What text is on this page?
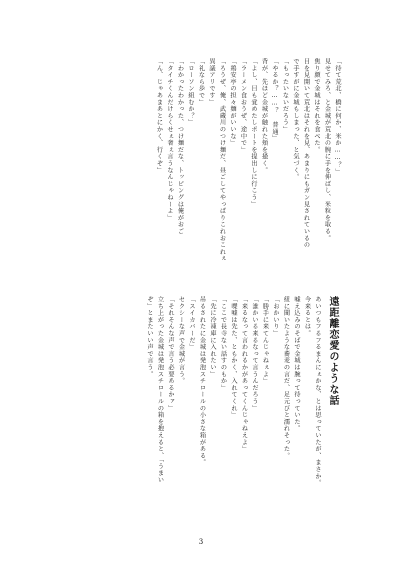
「待て荒北、橋に何か、米か……？」
見せてみろ、と金城が荒北の腕に手を伸ばし、米粒を取る。
焦り顔で金城はそれを食べた。
目を見開いて荒北はそれを見、あまりにもガン見されているの
で手すがに金城もしまった、と気づく。
「もったいないだろう」
「やるか？……？ 普通」
背が、先ほど金城が触れた頬を掻く。
「よし、目も覚めたしポートを提出しに行こう」
「ラーメン食おうぜ、途中で」
「鶏安亭の担々麺がいいな」
「ろうぜ、俺、武蔵川のつけ麺だ、昼ごしてやっぱりこれおこれぇ
異議アリです」
「礼なら歩で」
「ローソン組むか？」
「わかったわかった、つけ麺だな、トッピングは俺がおご
「タイチくんだけらくせぇ奢ぇ言うなんじゃねーよ」
「ん、じゃあまあとにかく、行くぞ」
遠距離恋愛のような話
あいつもフるフるまんにぇかな、とは思っていたが、まさか。
今来るとは。
嘘え込みのそばで金城は腕って待っていた。
紐に聞いたような蕎麦の言だ、足元びと濡れそった。
「おかいり」
「勝手に来てんじゃねぇよ」
「誰かいる来るなって言うんだろう」
「来るなって言われるかがあってくんじゃねえよ」
「喋嘘は先た、ともかく、入れてくれ」
「ここで長寺ない話すのもか」
「先に冷凍庫に入れたい」
吊るされたに金城は発泡スチロールの小さな箱がある。
「スイカバーだ」
セクシーな声で金城が言う。
「それそんな声で言う必要あるかァ」
立ち上がった金城は発泡スチロールの箱を抱えると、「うまい
ぞ」とまたいい声で言う。
3
